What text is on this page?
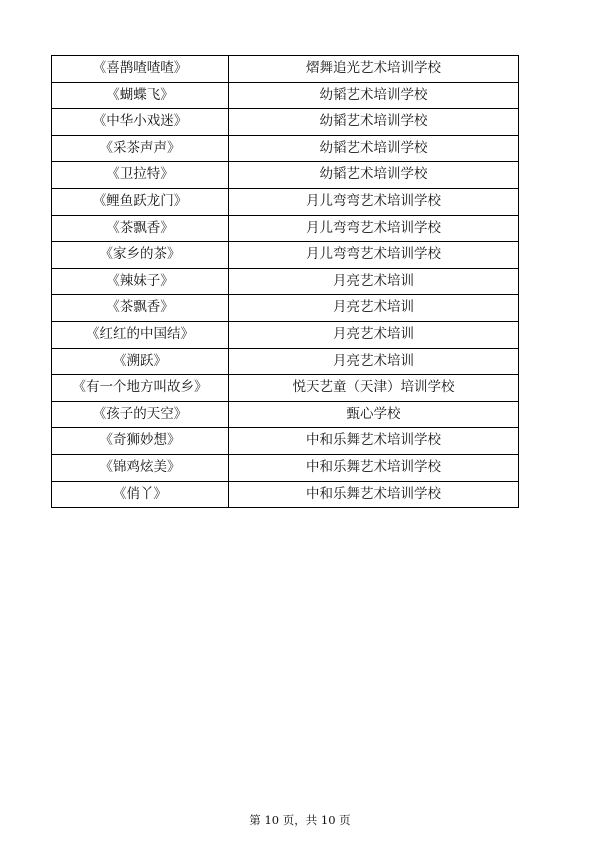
《喜鹊喳喳喳》	熠舞追光艺术培训学校
《蝴蝶飞》	幼韬艺术培训学校
《中华小戏迷》	幼韬艺术培训学校
《采茶声声》	幼韬艺术培训学校
《卫拉特》	幼韬艺术培训学校
《鲤鱼跃龙门》	月儿弯弯艺术培训学校
《茶飘香》	月儿弯弯艺术培训学校
《家乡的茶》	月儿弯弯艺术培训学校
《辣妹子》	月亮艺术培训
《茶飘香》	月亮艺术培训
《红红的中国结》	月亮艺术培训
《溯跃》	月亮艺术培训
《有一个地方叫故乡》	悦天艺童（天津）培训学校
《孩子的天空》	甄心学校
《奇狮妙想》	中和乐舞艺术培训学校
《锦鸡炫美》	中和乐舞艺术培训学校
《俏丫》	中和乐舞艺术培训学校
第 10 页，共 10 页
